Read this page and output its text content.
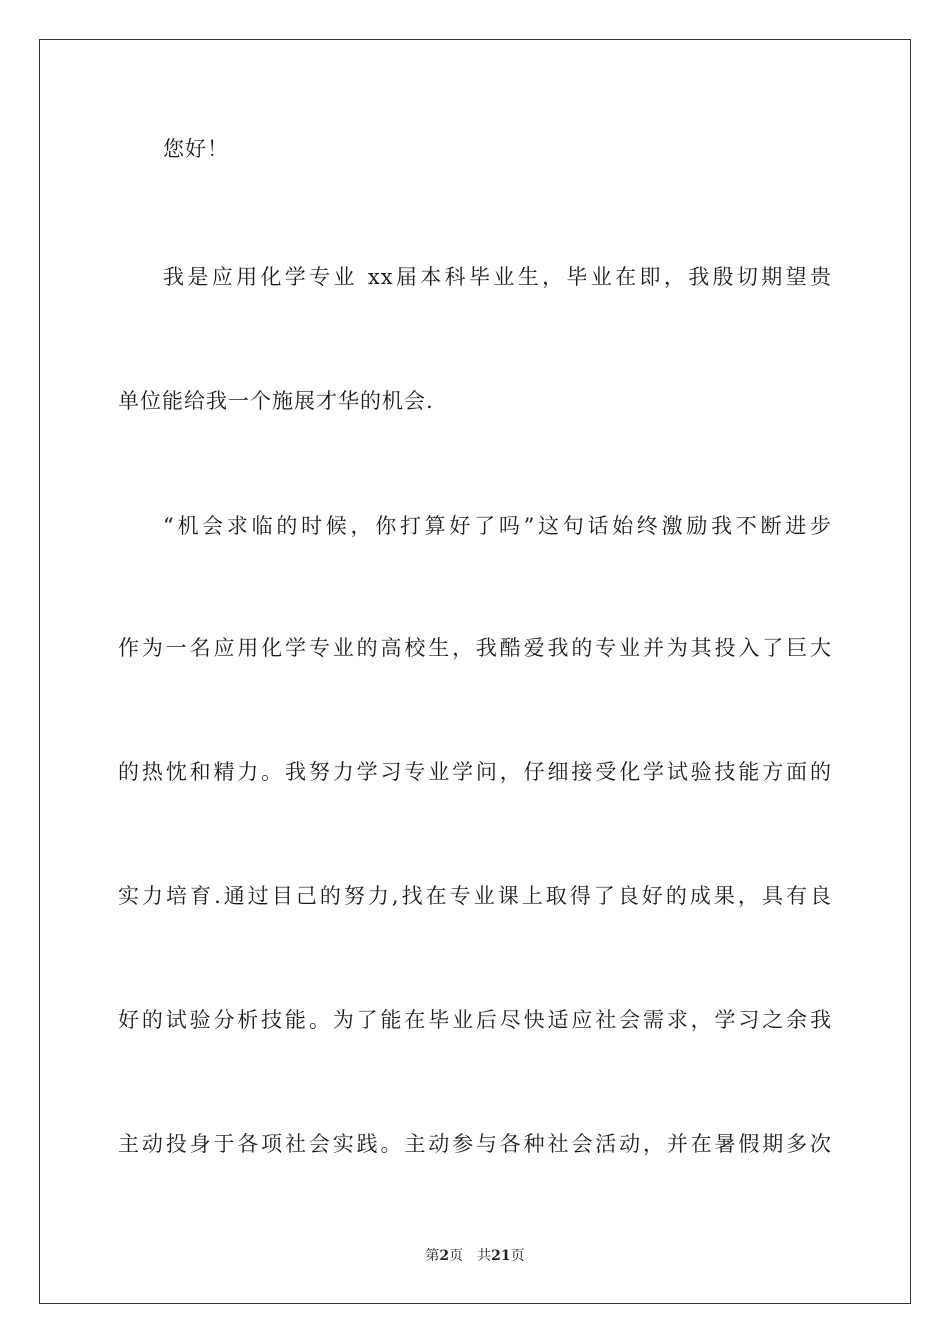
您好！
我是应用化学专业 xx届本科毕业生，毕业在即，我殷切期望贵
单位能给我一个施展才华的机会.
“机会求临的时候，你打算好了吗”这句话始终激励我不断进步
作为一名应用化学专业的高校生，我酷爱我的专业并为其投入了巨大
的热忱和精力。我努力学习专业学问，仔细接受化学试验技能方面的
实力培育.通过目己的努力,找在专业课上取得了良好的成果，具有良
好的试验分析技能。为了能在毕业后尽快适应社会需求，学习之余我
主动投身于各项社会实践。主动参与各种社会活动，并在暑假期多次
第2页 共21页
